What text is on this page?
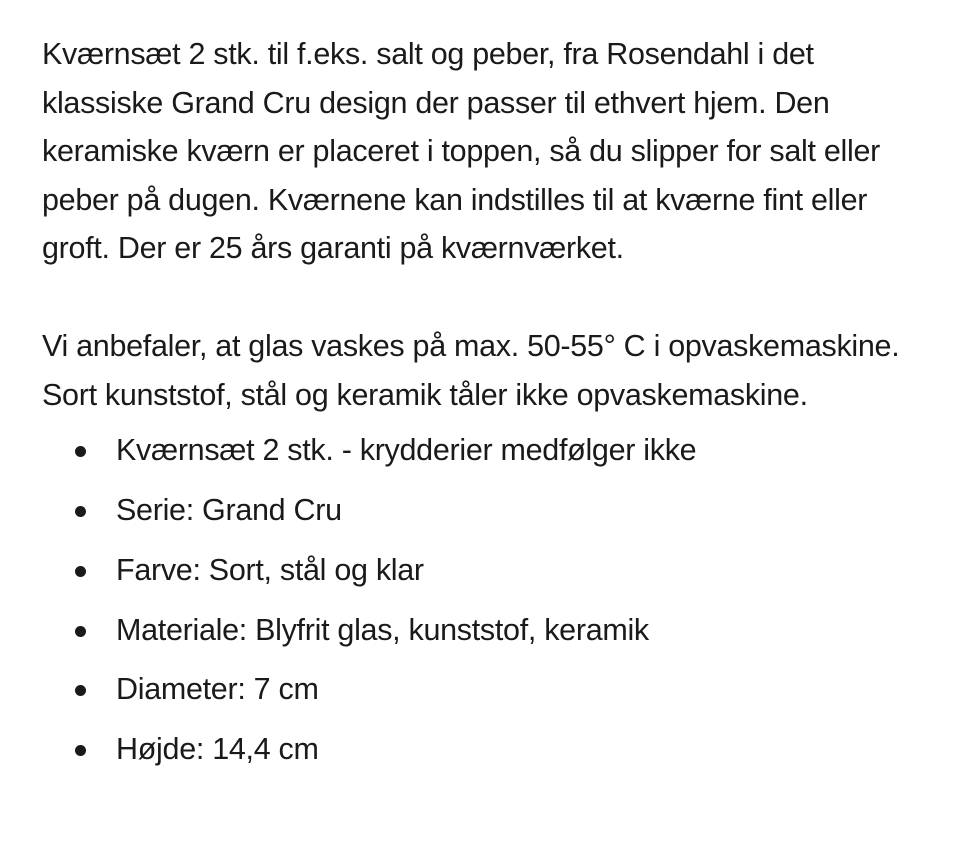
Kværnsæt 2 stk. til f.eks. salt og peber, fra Rosendahl i det klassiske Grand Cru design der passer til ethvert hjem. Den keramiske kværn er placeret i toppen, så du slipper for salt eller peber på dugen. Kværnene kan indstilles til at kværne fint eller groft. Der er 25 års garanti på kværnværket.

Vi anbefaler, at glas vaskes på max. 50-55° C i opvaskemaskine. Sort kunststof, stål og keramik tåler ikke opvaskemaskine.

Kværnsæt 2 stk. - krydderier medfølger ikke
Serie: Grand Cru
Farve: Sort, stål og klar
Materiale: Blyfrit glas, kunststof, keramik
Diameter: 7 cm
Højde: 14,4 cm
